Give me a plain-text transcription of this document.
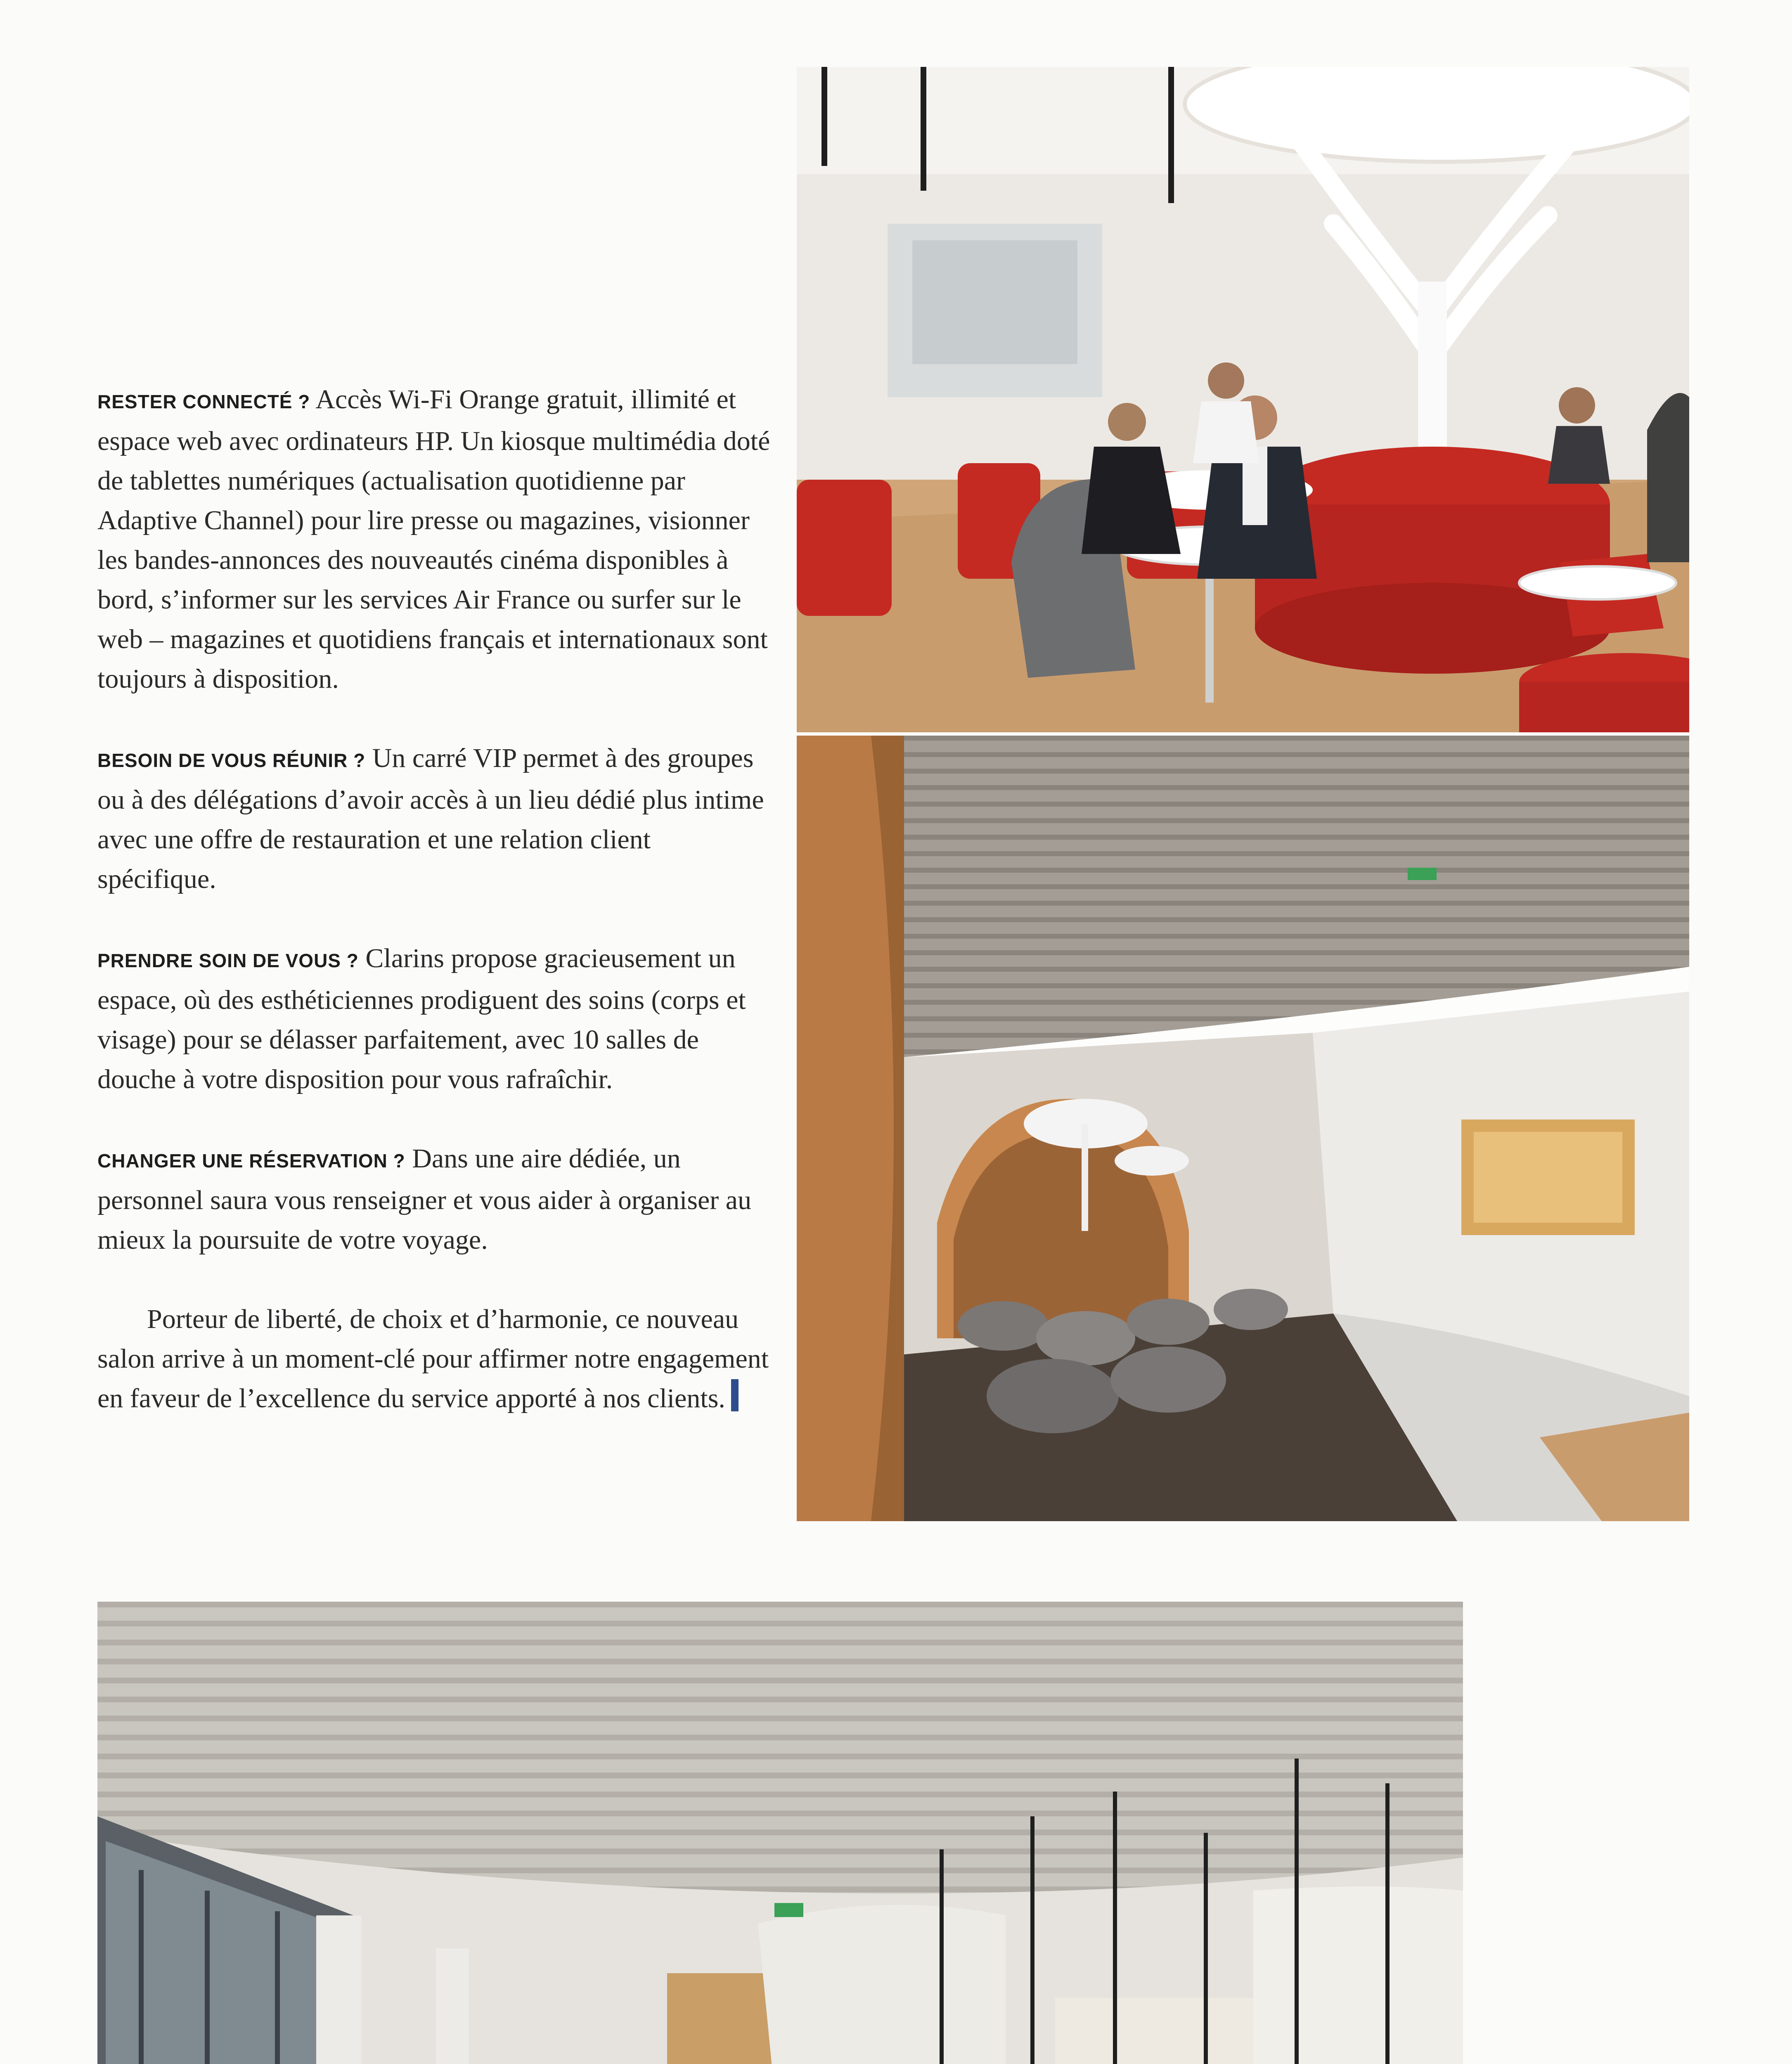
RESTER CONNECTÉ ? Accès Wi-Fi Orange gratuit, illimité et espace web avec ordinateurs HP. Un kiosque multimédia doté de tablettes numériques (actualisation quotidienne par Adaptive Channel) pour lire presse ou magazines, visionner les bandes-annonces des nouveautés cinéma disponibles à bord, s’informer sur les services Air France ou surfer sur le web – magazines et quotidiens français et internationaux sont toujours à disposition.

BESOIN DE VOUS RÉUNIR ? Un carré VIP permet à des groupes ou à des délégations d’avoir accès à un lieu dédié plus intime avec une offre de restauration et une relation client spécifique.

PRENDRE SOIN DE VOUS ? Clarins propose gracieusement un espace, où des esthéticiennes prodiguent des soins (corps et visage) pour se délasser parfaitement, avec 10 salles de douche à votre disposition pour vous rafraîchir.

CHANGER UNE RÉSERVATION ? Dans une aire dédiée, un personnel saura vous renseigner et vous aider à organiser au mieux la poursuite de votre voyage.

Porteur de liberté, de choix et d’harmonie, ce nouveau salon arrive à un moment-clé pour affirmer notre engagement en faveur de l’excellence du service apporté à nos clients.
